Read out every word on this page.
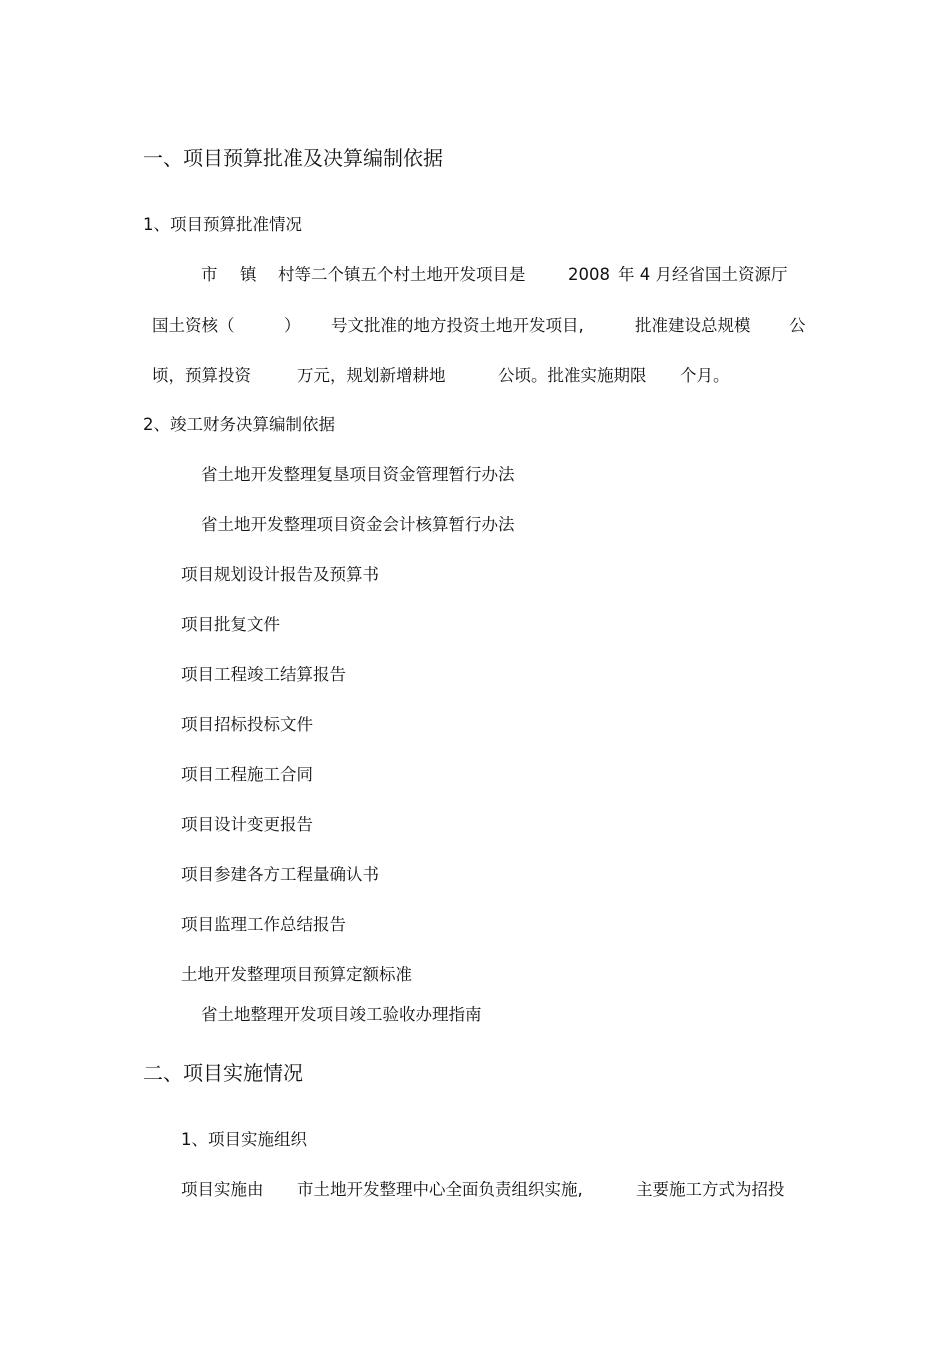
一、项目预算批准及决算编制依据
1、项目预算批准情况
市 镇 村等二个镇五个村土地开发项目是	2008 年 4 月经省国土资源厅
国土资核（	） 号文批准的地方投资土地开发项目,	批准建设总规模 公
顷，预算投资	万元，规划新增耕地	公顷。批准实施期限 个月。
2、竣工财务决算编制依据
省土地开发整理复垦项目资金管理暂行办法
省土地开发整理项目资金会计核算暂行办法
项目规划设计报告及预算书
项目批复文件
项目工程竣工结算报告
项目招标投标文件
项目工程施工合同
项目设计变更报告
项目参建各方工程量确认书
项目监理工作总结报告
土地开发整理项目预算定额标准
省土地整理开发项目竣工验收办理指南
二、项目实施情况
1、项目实施组织
项目实施由 市土地开发整理中心全面负责组织实施,	主要施工方式为招投
